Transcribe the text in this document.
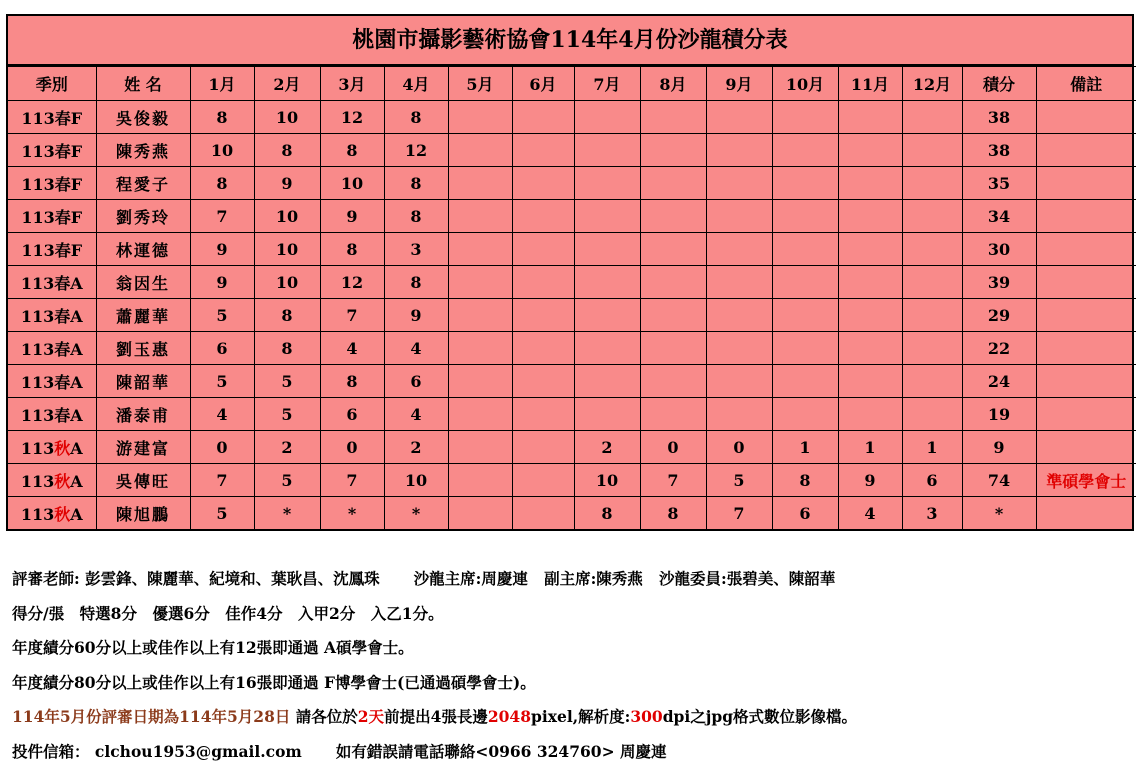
桃園市攝影藝術協會114年4月份沙龍積分表
季別	姓 名	1月	2月	3月	4月	5月	6月	7月	8月	9月	10月	11月	12月	積分	備註
113春F	吳俊毅	8	10	12	8									38	
113春F	陳秀燕	10	8	8	12									38	
113春F	程愛子	8	9	10	8									35	
113春F	劉秀玲	7	10	9	8									34	
113春F	林運德	9	10	8	3									30	
113春A	翁因生	9	10	12	8									39	
113春A	蕭麗華	5	8	7	9									29	
113春A	劉玉惠	6	8	4	4									22	
113春A	陳韶華	5	5	8	6									24	
113春A	潘泰甫	4	5	6	4									19	
113秋A	游建富	0	2	0	2			2	0	0	1	1	1	9	
113秋A	吳傳旺	7	5	7	10			10	7	5	8	9	6	74	準碩學會士
113秋A	陳旭鵬	5	*	*	*			8	8	7	6	4	3	*	
評審老師: 彭雲鋒、陳麗華、紀境和、葉耿昌、沈鳳珠 沙龍主席:周慶連 副主席:陳秀燕 沙龍委員:張碧美、陳韶華
得分/張　特選8分　優選6分　佳作4分　入甲2分　入乙1分。
年度績分60分以上或佳作以上有12張即通過 A碩學會士。
年度績分80分以上或佳作以上有16張即通過 F博學會士(已通過碩學會士)。
114年5月份評審日期為114年5月28日 請各位於2天前提出4張長邊2048pixel,解析度:300dpi之jpg格式數位影像檔。
投件信箱： clchou1953@gmail.com 如有錯誤請電話聯絡<0966 324760> 周慶連
